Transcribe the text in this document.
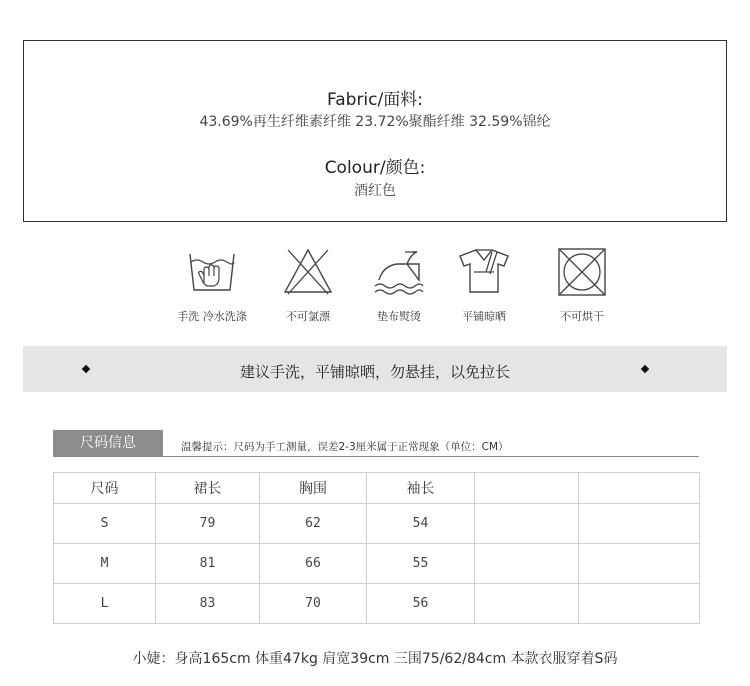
Fabric/面料:
43.69%再生纤维素纤维 23.72%聚酯纤维 32.59%锦纶
Colour/颜色:
酒红色
手洗 冷水洗涤	不可氯漂	垫布熨烫	平铺晾晒	不可烘干
建议手洗，平铺晾晒，勿悬挂，以免拉长
尺码信息	温馨提示：尺码为手工测量，误差2-3厘米属于正常现象（单位：CM）
尺码	裙长	胸围	袖长		
S	79	62	54		
M	81	66	55		
L	83	70	56		
小婕：身高165cm 体重47kg 肩宽39cm 三围75/62/84cm 本款衣服穿着S码
